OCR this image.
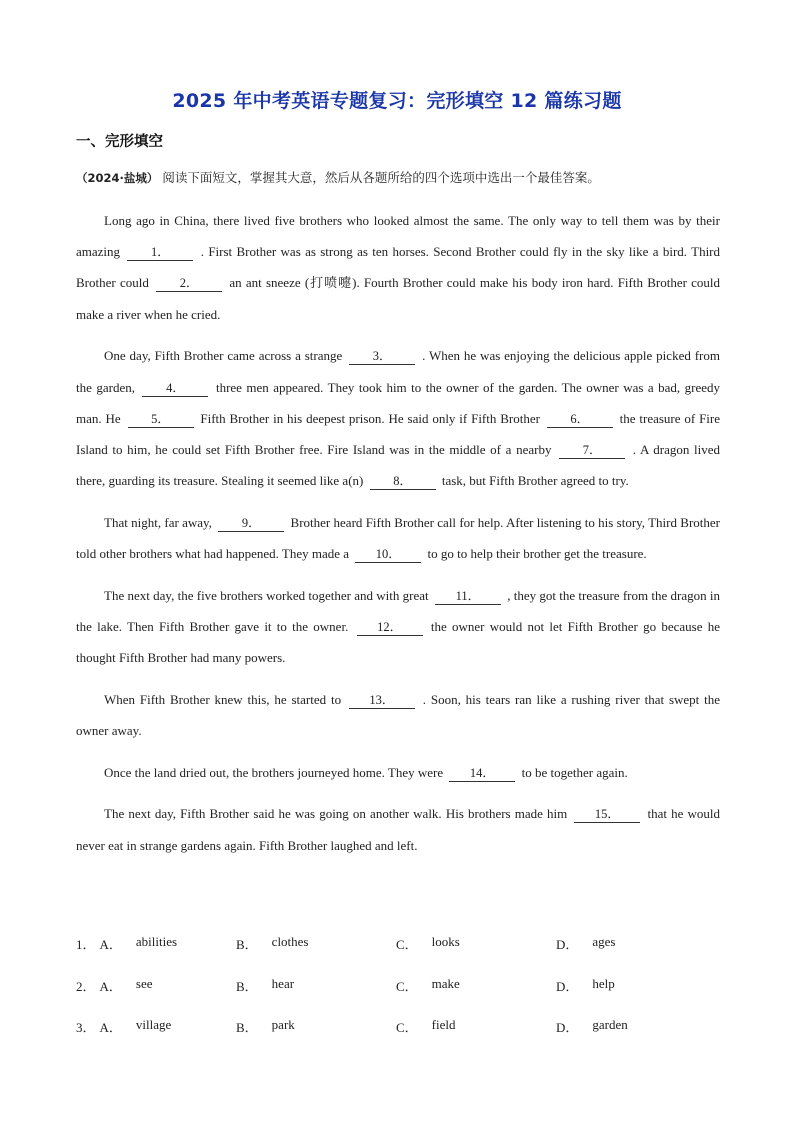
2025 年中考英语专题复习：完形填空 12 篇练习题
一、完形填空
（2024·盐城） 阅读下面短文，掌握其大意，然后从各题所给的四个选项中选出一个最佳答案。

Long ago in China, there lived five brothers who looked almost the same. The only way to tell them was by their amazing 1． . First Brother was as strong as ten horses. Second Brother could fly in the sky like a bird. Third Brother could 2． an ant sneeze (打喷嚏). Fourth Brother could make his body iron hard. Fifth Brother could make a river when he cried.

One day, Fifth Brother came across a strange 3． . When he was enjoying the delicious apple picked from the garden, 4． three men appeared. They took him to the owner of the garden. The owner was a bad, greedy man. He 5． Fifth Brother in his deepest prison. He said only if Fifth Brother 6． the treasure of Fire Island to him, he could set Fifth Brother free. Fire Island was in the middle of a nearby	7． . A dragon lived there, guarding its treasure. Stealing it seemed like a(n) 8． task, but Fifth Brother agreed to try.

That night, far away, 9． Brother heard Fifth Brother call for help. After listening to his story, Third Brother told other brothers what had happened. They made a 10． to go to help their brother get the treasure.

The next day, the five brothers worked together and with great 11． , they got the treasure from the dragon in the lake. Then Fifth Brother gave it to the owner. 12． the owner would not let Fifth Brother go because he thought Fifth Brother had many powers.

When Fifth Brother knew this, he started to 13． . Soon, his tears ran like a rushing river that swept the owner away.

Once the land dried out, the brothers journeyed home. They were 14． to be together again.

The next day, Fifth Brother said he was going on another walk. His brothers made him 15． that he would never eat in strange gardens again. Fifth Brother laughed and left.

1． A． abilities	B． clothes	C． looks	D． ages
2． A． see	B． hear	C． make	D． help
3． A． village	B． park	C． field	D． garden
